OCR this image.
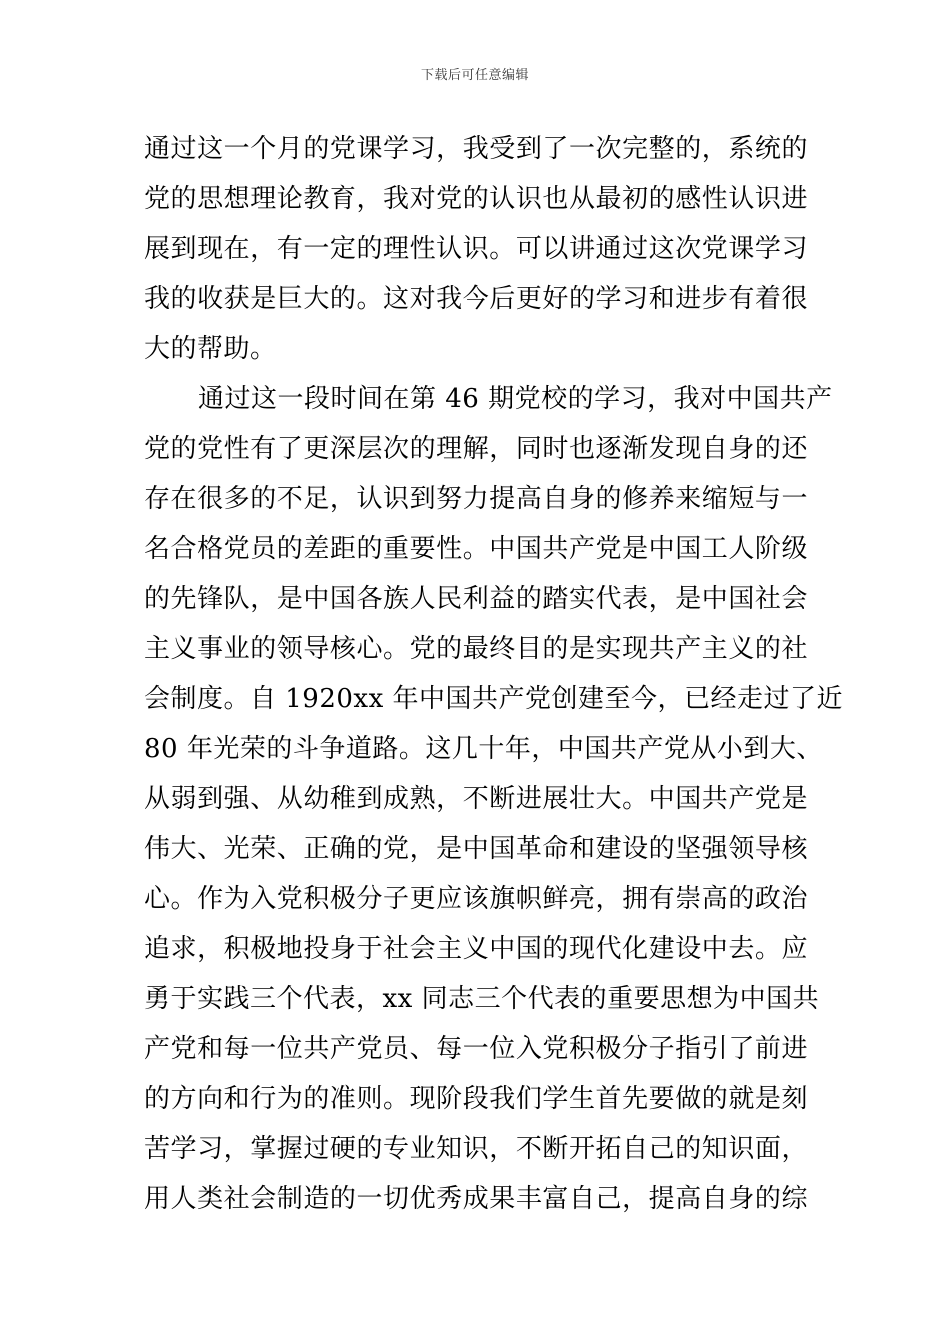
下载后可任意编辑
通过这一个月的党课学习，我受到了一次完整的，系统的
党的思想理论教育，我对党的认识也从最初的感性认识进
展到现在，有一定的理性认识。可以讲通过这次党课学习
我的收获是巨大的。这对我今后更好的学习和进步有着很
大的帮助。
通过这一段时间在第 46 期党校的学习，我对中国共产
党的党性有了更深层次的理解，同时也逐渐发现自身的还
存在很多的不足，认识到努力提高自身的修养来缩短与一
名合格党员的差距的重要性。中国共产党是中国工人阶级
的先锋队，是中国各族人民利益的踏实代表，是中国社会
主义事业的领导核心。党的最终目的是实现共产主义的社
会制度。自 1920xx 年中国共产党创建至今，已经走过了近
80 年光荣的斗争道路。这几十年，中国共产党从小到大、
从弱到强、从幼稚到成熟，不断进展壮大。中国共产党是
伟大、光荣、正确的党，是中国革命和建设的坚强领导核
心。作为入党积极分子更应该旗帜鲜亮，拥有崇高的政治
追求，积极地投身于社会主义中国的现代化建设中去。应
勇于实践三个代表，xx 同志三个代表的重要思想为中国共
产党和每一位共产党员、每一位入党积极分子指引了前进
的方向和行为的准则。现阶段我们学生首先要做的就是刻
苦学习，掌握过硬的专业知识，不断开拓自己的知识面，
用人类社会制造的一切优秀成果丰富自己，提高自身的综
